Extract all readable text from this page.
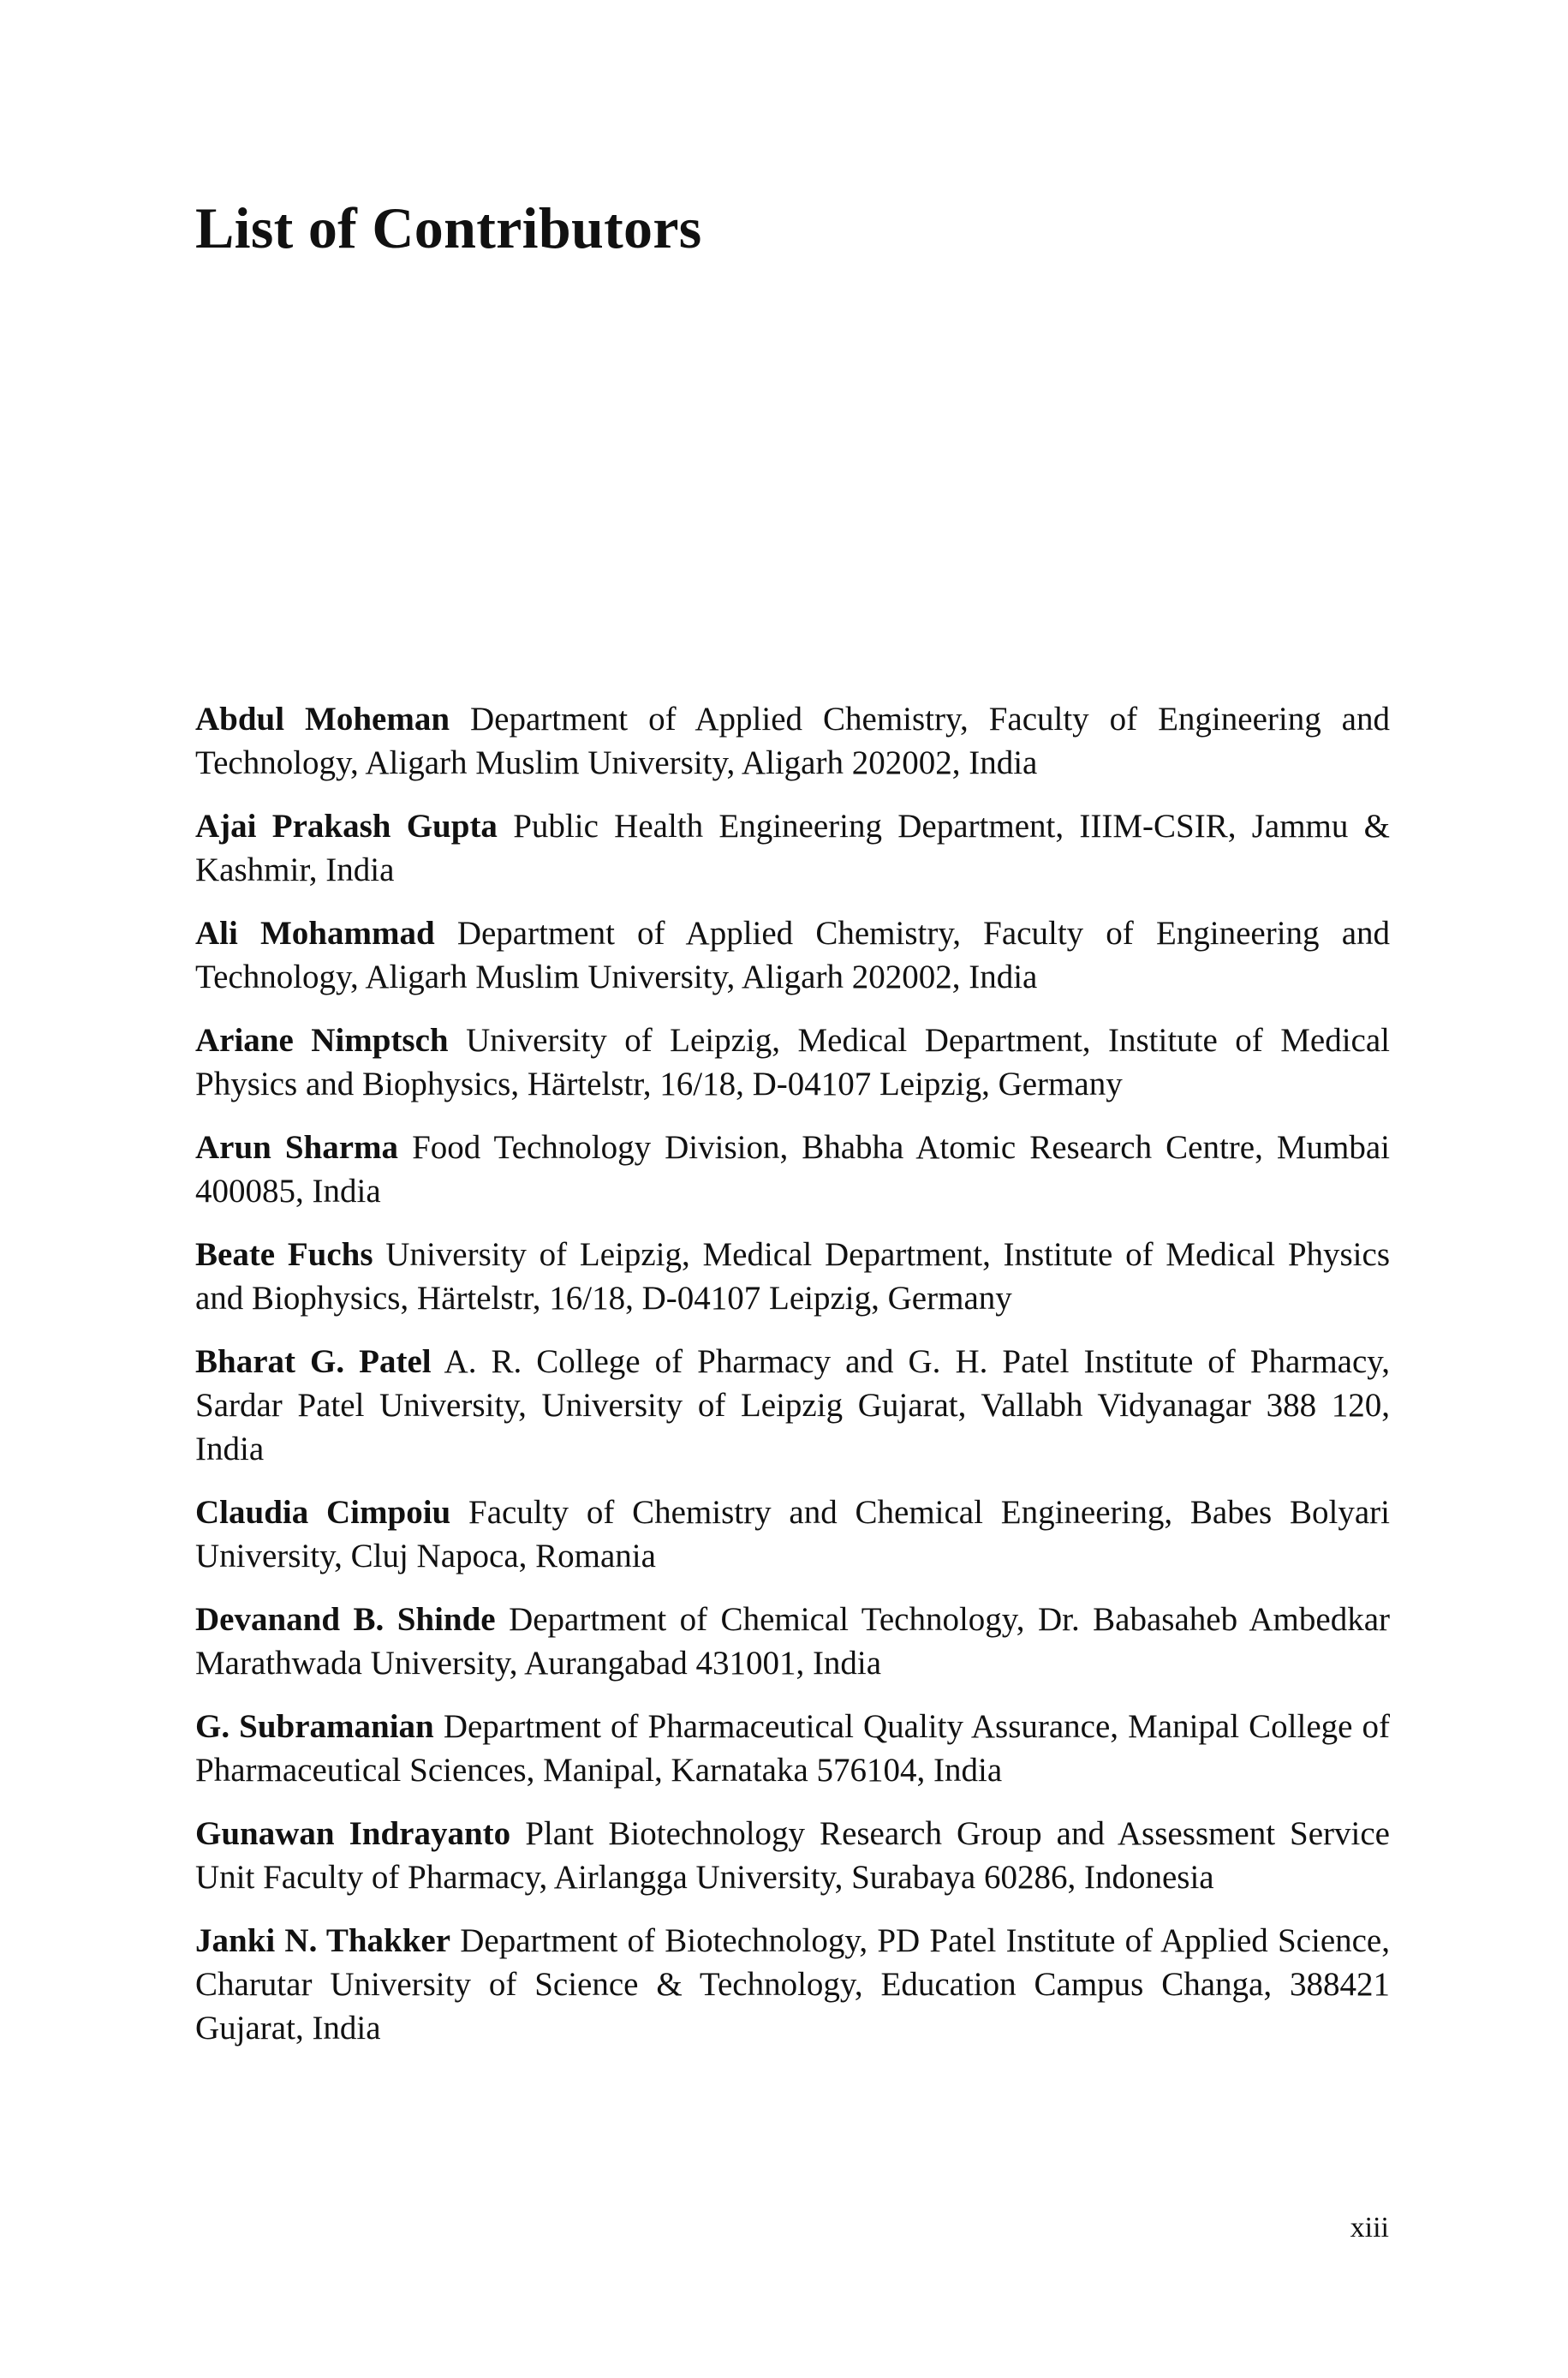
List of Contributors
Abdul Moheman Department of Applied Chemistry, Faculty of Engineering and Technology, Aligarh Muslim University, Aligarh 202002, India
Ajai Prakash Gupta Public Health Engineering Department, IIIM-CSIR, Jammu & Kashmir, India
Ali Mohammad Department of Applied Chemistry, Faculty of Engineering and Technology, Aligarh Muslim University, Aligarh 202002, India
Ariane Nimptsch University of Leipzig, Medical Department, Institute of Medical Physics and Biophysics, Härtelstr, 16/18, D-04107 Leipzig, Germany
Arun Sharma Food Technology Division, Bhabha Atomic Research Centre, Mumbai 400085, India
Beate Fuchs University of Leipzig, Medical Department, Institute of Medical Physics and Biophysics, Härtelstr, 16/18, D-04107 Leipzig, Germany
Bharat G. Patel A. R. College of Pharmacy and G. H. Patel Institute of Pharmacy, Sardar Patel University, University of Leipzig Gujarat, Vallabh Vidyanagar 388 120, India
Claudia Cimpoiu Faculty of Chemistry and Chemical Engineering, Babes Bolyari University, Cluj Napoca, Romania
Devanand B. Shinde Department of Chemical Technology, Dr. Babasaheb Ambedkar Marathwada University, Aurangabad 431001, India
G. Subramanian Department of Pharmaceutical Quality Assurance, Manipal College of Pharmaceutical Sciences, Manipal, Karnataka 576104, India
Gunawan Indrayanto Plant Biotechnology Research Group and Assessment Service Unit Faculty of Pharmacy, Airlangga University, Surabaya 60286, Indonesia
Janki N. Thakker Department of Biotechnology, PD Patel Institute of Applied Science, Charutar University of Science & Technology, Education Campus Changa, 388421 Gujarat, India
xiii
